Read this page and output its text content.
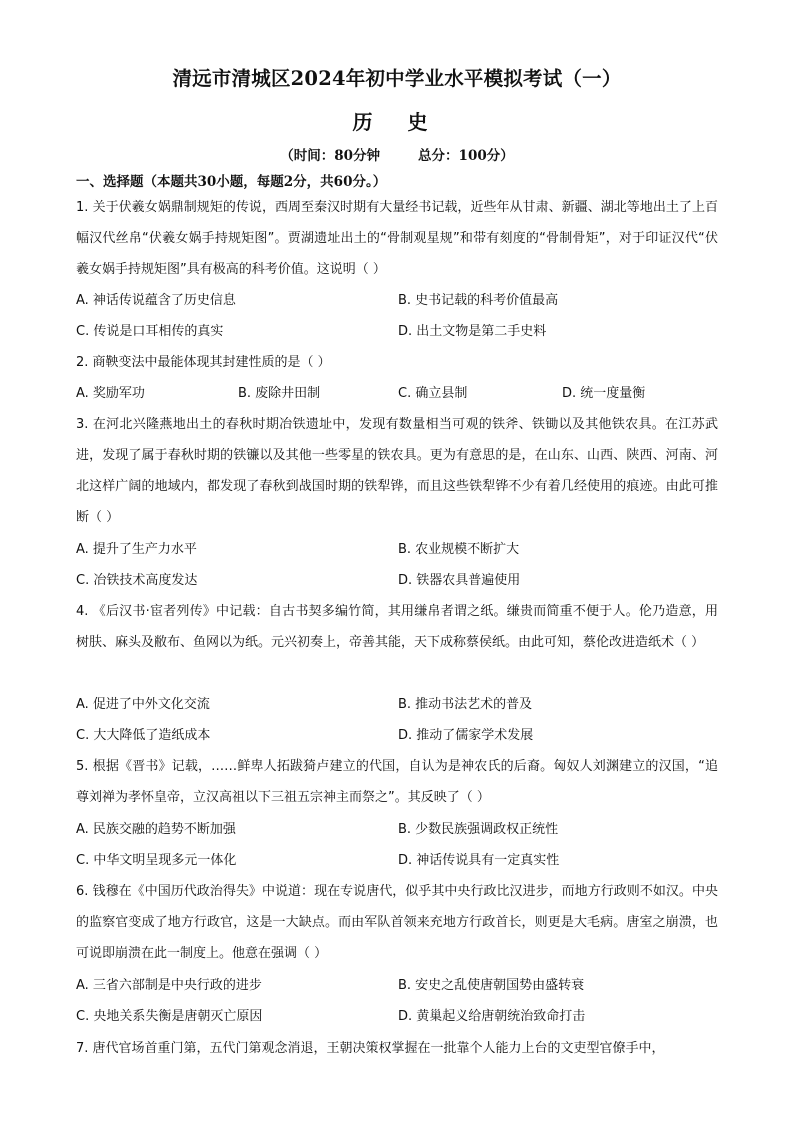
清远市清城区2024年初中学业水平模拟考试（一）
历 史
（时间：80分钟	总分：100分）
一、选择题（本题共30小题，每题2分，共60分。）
1. 关于伏羲女娲鼎制规矩的传说，西周至秦汉时期有大量经书记载，近些年从甘肃、新疆、湖北等地出土了上百幅汉代丝帛“伏羲女娲手持规矩图”。贾湖遗址出土的“骨制观星规”和带有刻度的“骨制骨矩”，对于印证汉代“伏羲女娲手持规矩图”具有极高的科考价值。这说明（ ）
A. 神话传说蕴含了历史信息	B. 史书记载的科考价值最高
C. 传说是口耳相传的真实	D. 出土文物是第二手史料
2. 商鞅变法中最能体现其封建性质的是（ ）
A. 奖励军功	B. 废除井田制	C. 确立县制	D. 统一度量衡
3. 在河北兴隆燕地出土的春秋时期冶铁遗址中，发现有数量相当可观的铁斧、铁锄以及其他铁农具。在江苏武进，发现了属于春秋时期的铁镰以及其他一些零星的铁农具。更为有意思的是，在山东、山西、陕西、河南、河北这样广阔的地域内，都发现了春秋到战国时期的铁犁铧，而且这些铁犁铧不少有着几经使用的痕迹。由此可推断（ ）
A. 提升了生产力水平	B. 农业规模不断扩大
C. 冶铁技术高度发达	D. 铁器农具普遍使用
4. 《后汉书·宦者列传》中记载：自古书契多编竹简，其用缣帛者谓之纸。缣贵而简重不便于人。伦乃造意，用树肤、麻头及敝布、鱼网以为纸。元兴初奏上，帝善其能，天下成称蔡侯纸。由此可知，蔡伦改进造纸术（ ）
A. 促进了中外文化交流	B. 推动书法艺术的普及
C. 大大降低了造纸成本	D. 推动了儒家学术发展
5. 根据《晋书》记载，……鲜卑人拓跋猗卢建立的代国，自认为是神农氏的后裔。匈奴人刘渊建立的汉国，“追尊刘禅为孝怀皇帝，立汉高祖以下三祖五宗神主而祭之”。其反映了（ ）
A. 民族交融的趋势不断加强	B. 少数民族强调政权正统性
C. 中华文明呈现多元一体化	D. 神话传说具有一定真实性
6. 钱穆在《中国历代政治得失》中说道：现在专说唐代，似乎其中央行政比汉进步，而地方行政则不如汉。中央的监察官变成了地方行政官，这是一大缺点。而由军队首领来充地方行政首长，则更是大毛病。唐室之崩溃，也可说即崩溃在此一制度上。他意在强调（ ）
A. 三省六部制是中央行政的进步	B. 安史之乱使唐朝国势由盛转衰
C. 央地关系失衡是唐朝灭亡原因	D. 黄巢起义给唐朝统治致命打击
7. 唐代官场首重门第，五代门第观念消退，王朝决策权掌握在一批靠个人能力上台的文吏型官僚手中，
